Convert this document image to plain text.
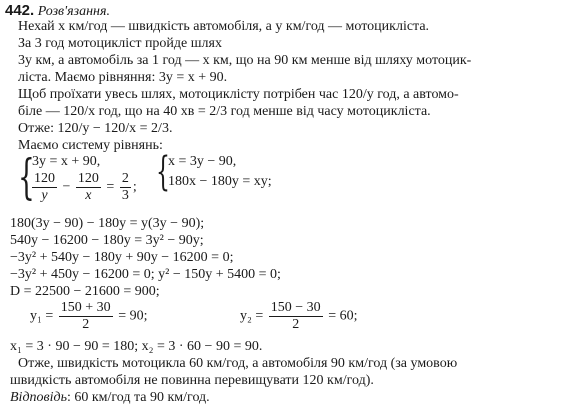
442. Розв'язання.
Нехай x км/год — швидкість автомобіля, а y км/год — мотоцикліста.
За 3 год мотоцикліст пройде шлях
3y км, а автомобіль за 1 год — x км, що на 90 км менше від шляху мотоцик-
ліста. Маємо рівняння: 3y = x + 90.
Щоб проїхати увесь шлях, мотоциклісту потрібен час 120/y год, а автомо-
біле — 120/x год, що на 40 хв = 2/3 год менше від часу мотоцикліста.
Отже: 120/y − 120/x = 2/3.
Маємо систему рівнянь:
{
3y = x + 90,
$\frac{120}{y} - \frac{120}{x} = \frac{2}{3}$ ; {
x = 3y − 90,
180x − 180y = xy;
180(3y − 90) − 180y = y(3y − 90);
540y − 16200 − 180y = 3y² − 90y;
−3y² + 540y − 180y + 90y − 16200 = 0;
−3y² + 450y − 16200 = 0; y² − 150y + 5400 = 0;
D = 22500 − 21600 = 900;
$y_1 = \frac{150 + 30}{2} = 90$;	$y_2 = \frac{150 - 30}{2} = 60$;
x₁ = 3 · 90 − 90 = 180; x₂ = 3 · 60 − 90 = 90.
Отже, швидкість мотоцикла 60 км/год, а автомобіля 90 км/год (за умовою
швидкість автомобіля не повинна перевищувати 120 км/год).
Відповідь: 60 км/год та 90 км/год.
